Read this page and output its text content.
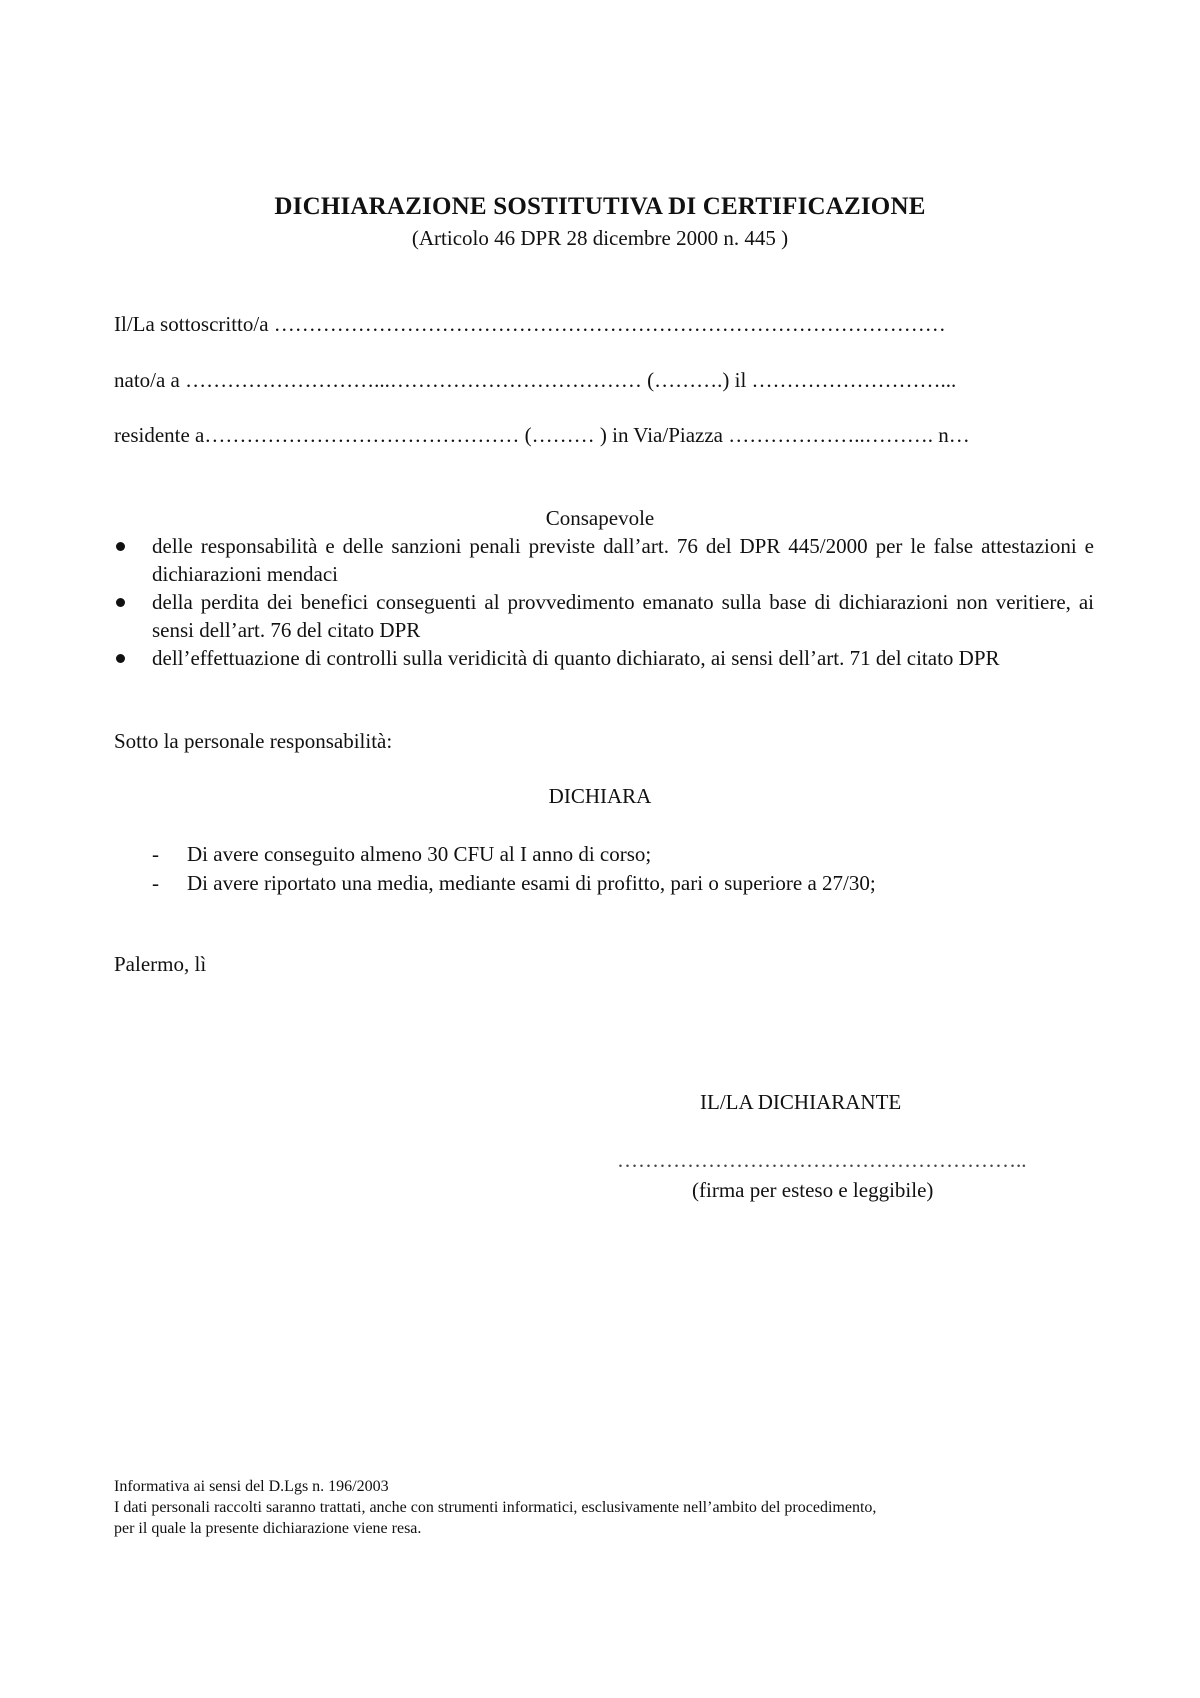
DICHIARAZIONE SOSTITUTIVA DI CERTIFICAZIONE
(Articolo 46 DPR 28 dicembre 2000 n. 445 )
Il/La sottoscritto/a ……………………………………………………………………………………
nato/a a ………………………...……………………………… (……….) il ………………………...
residente a……………………………………… (……… ) in Via/Piazza ………………..………. n…
Consapevole
delle responsabilità e delle sanzioni penali previste dall’art. 76 del DPR 445/2000 per le false attestazioni e dichiarazioni mendaci
della perdita dei benefici conseguenti al provvedimento emanato sulla base di dichiarazioni non veritiere, ai sensi dell’art. 76 del citato DPR
dell’effettuazione di controlli sulla veridicità di quanto dichiarato, ai sensi dell’art. 71 del citato DPR
Sotto la personale responsabilità:
DICHIARA
- Di avere conseguito almeno 30 CFU al I anno di corso;
- Di avere riportato una media, mediante esami di profitto, pari o superiore a 27/30;
Palermo, lì
IL/LA DICHIARANTE
…………………………………………………..
(firma per esteso e leggibile)
Informativa ai sensi del D.Lgs n. 196/2003
I dati personali raccolti saranno trattati, anche con strumenti informatici, esclusivamente nell’ambito del procedimento,
per il quale la presente dichiarazione viene resa.
